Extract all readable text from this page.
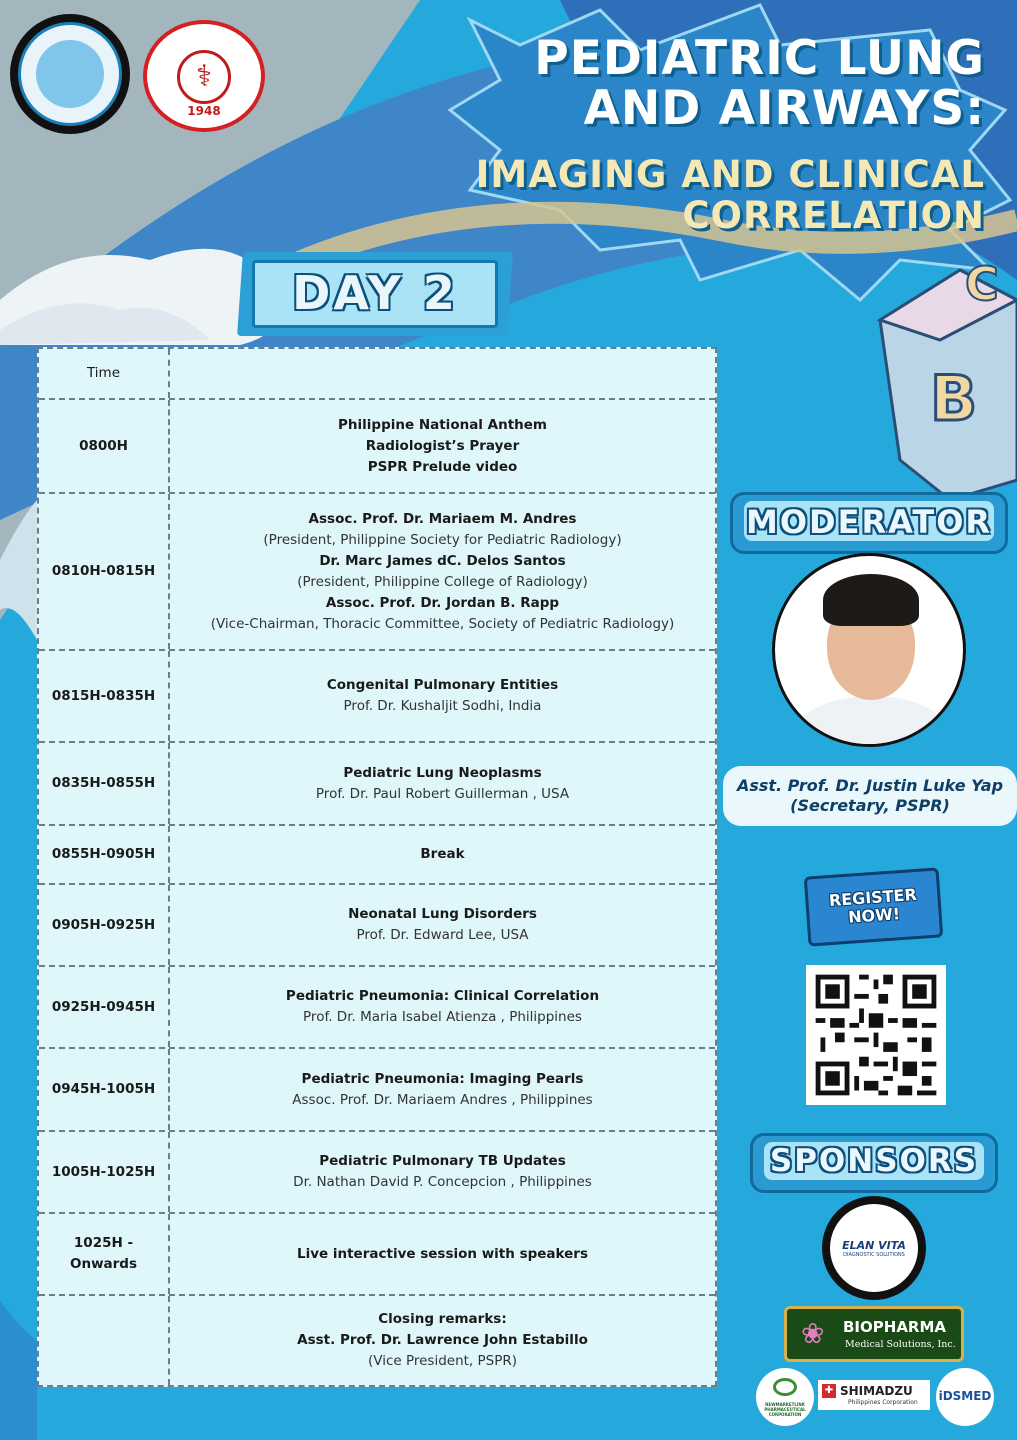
B
C
⚕
1948
PEDIATRIC LUNG
AND AIRWAYS:
IMAGING AND CLINICAL
CORRELATION
DAY 2
Time
0800H
Philippine National Anthem
Radiologist’s Prayer
PSPR Prelude video
0810H-0815H
Assoc. Prof. Dr. Mariaem M. Andres
(President, Philippine Society for Pediatric Radiology)
Dr. Marc James dC. Delos Santos
(President, Philippine College of Radiology)
Assoc. Prof. Dr. Jordan B. Rapp
(Vice-Chairman, Thoracic Committee, Society of Pediatric Radiology)
0815H-0835H
Congenital Pulmonary Entities
Prof. Dr. Kushaljit Sodhi, India
0835H-0855H
Pediatric Lung Neoplasms
Prof. Dr. Paul Robert Guillerman , USA
0855H-0905H	Break
0905H-0925H
Neonatal Lung Disorders
Prof. Dr. Edward Lee, USA
0925H-0945H
Pediatric Pneumonia: Clinical Correlation
Prof. Dr. Maria Isabel Atienza , Philippines
0945H-1005H
Pediatric Pneumonia: Imaging Pearls
Assoc. Prof. Dr. Mariaem Andres , Philippines
1005H-1025H
Pediatric Pulmonary TB Updates
Dr. Nathan David P. Concepcion , Philippines
1025H - Onwards
Live interactive session with speakers
Closing remarks:
Asst. Prof. Dr. Lawrence John Estabillo
(Vice President, PSPR)
MODERATOR
Asst. Prof. Dr. Justin Luke Yap
(Secretary, PSPR)
REGISTER
NOW!
SPONSORS
ELAN VITA
DIAGNOSTIC SOLUTIONS
❀ BIOPHARMA
Medical Solutions, Inc.
NEWMARKETLINK PHARMACEUTICAL CORPORATION
✚ SHIMADZU
Philippines Corporation iDSMED
